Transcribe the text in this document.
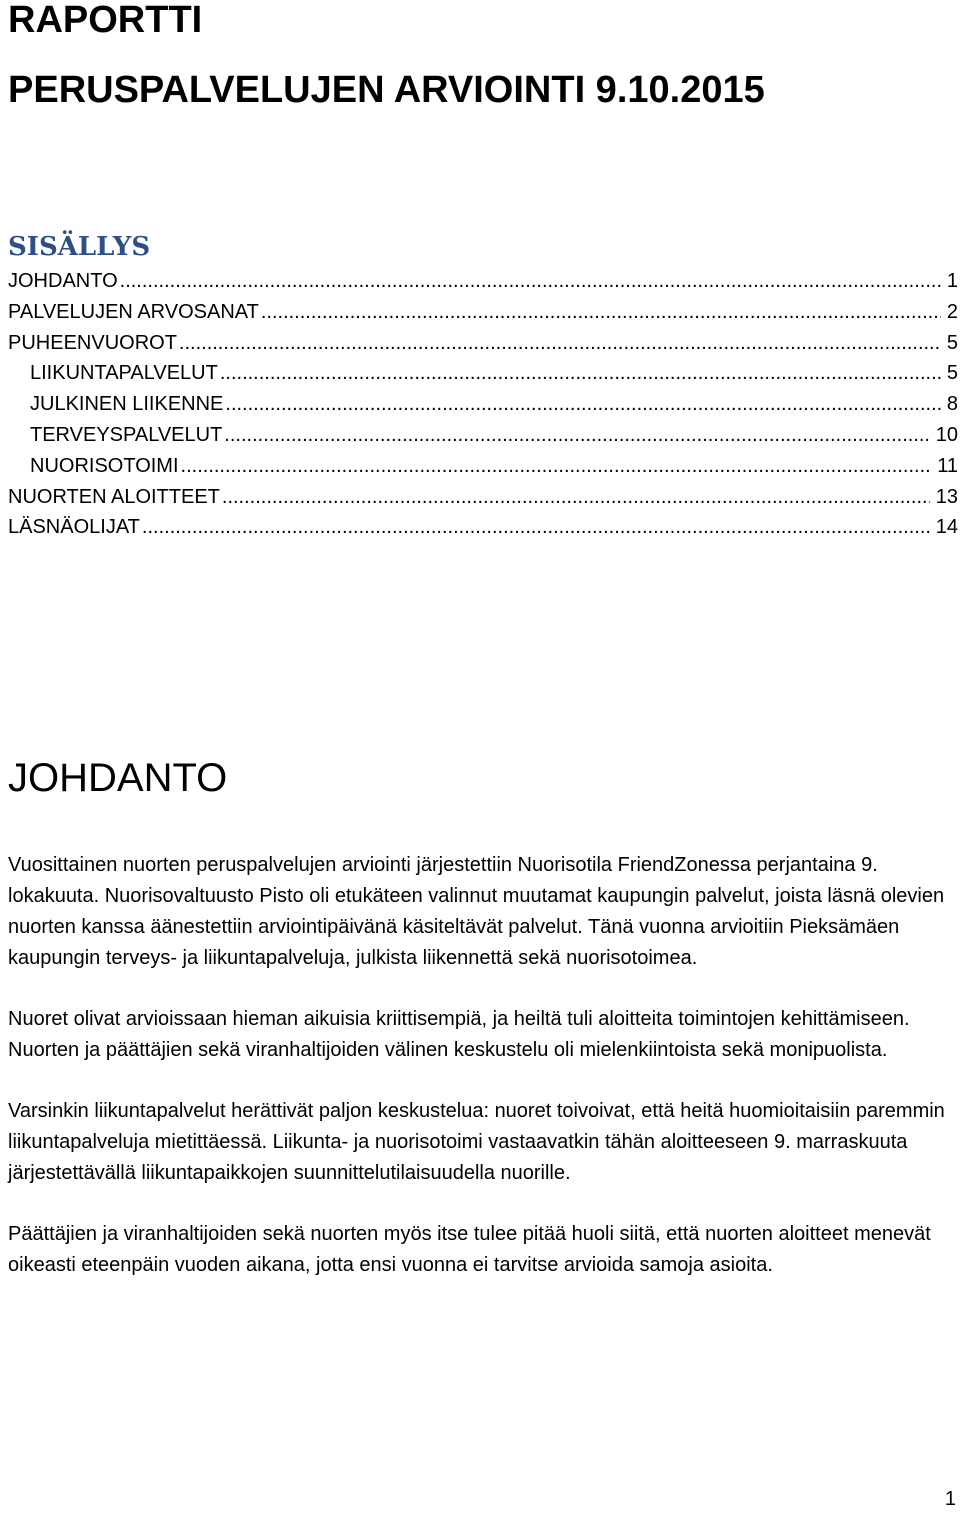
RAPORTTI
PERUSPALVELUJEN ARVIOINTI 9.10.2015
SISÄLLYS
JOHDANTO .....	1
PALVELUJEN ARVOSANAT .....	2
PUHEENVUOROT .....	5
LIIKUNTAPALVELUT .....	5
JULKINEN LIIKENNE .....	8
TERVEYSPALVELUT .....	10
NUORISOTOIMI .....	11
NUORTEN ALOITTEET .....	13
LÄSNÄOLIJAT .....	14
JOHDANTO

Vuosittainen nuorten peruspalvelujen arviointi järjestettiin Nuorisotila FriendZonessa perjantaina 9. lokakuuta. Nuorisovaltuusto Pisto oli etukäteen valinnut muutamat kaupungin palvelut, joista läsnä olevien nuorten kanssa äänestettiin arviointipäivänä käsiteltävät palvelut. Tänä vuonna arvioitiin Pieksämäen kaupungin terveys- ja liikuntapalveluja, julkista liikennettä sekä nuorisotoimea.

Nuoret olivat arvioissaan hieman aikuisia kriittisempiä, ja heiltä tuli aloitteita toimintojen kehittämiseen. Nuorten ja päättäjien sekä viranhaltijoiden välinen keskustelu oli mielenkiintoista sekä monipuolista.

Varsinkin liikuntapalvelut herättivät paljon keskustelua: nuoret toivoivat, että heitä huomioitaisiin paremmin liikuntapalveluja mietittäessä. Liikunta- ja nuorisotoimi vastaavatkin tähän aloitteeseen 9. marraskuuta järjestettävällä liikuntapaikkojen suunnittelutilaisuudella nuorille.

Päättäjien ja viranhaltijoiden sekä nuorten myös itse tulee pitää huoli siitä, että nuorten aloitteet menevät oikeasti eteenpäin vuoden aikana, jotta ensi vuonna ei tarvitse arvioida samoja asioita.

1
